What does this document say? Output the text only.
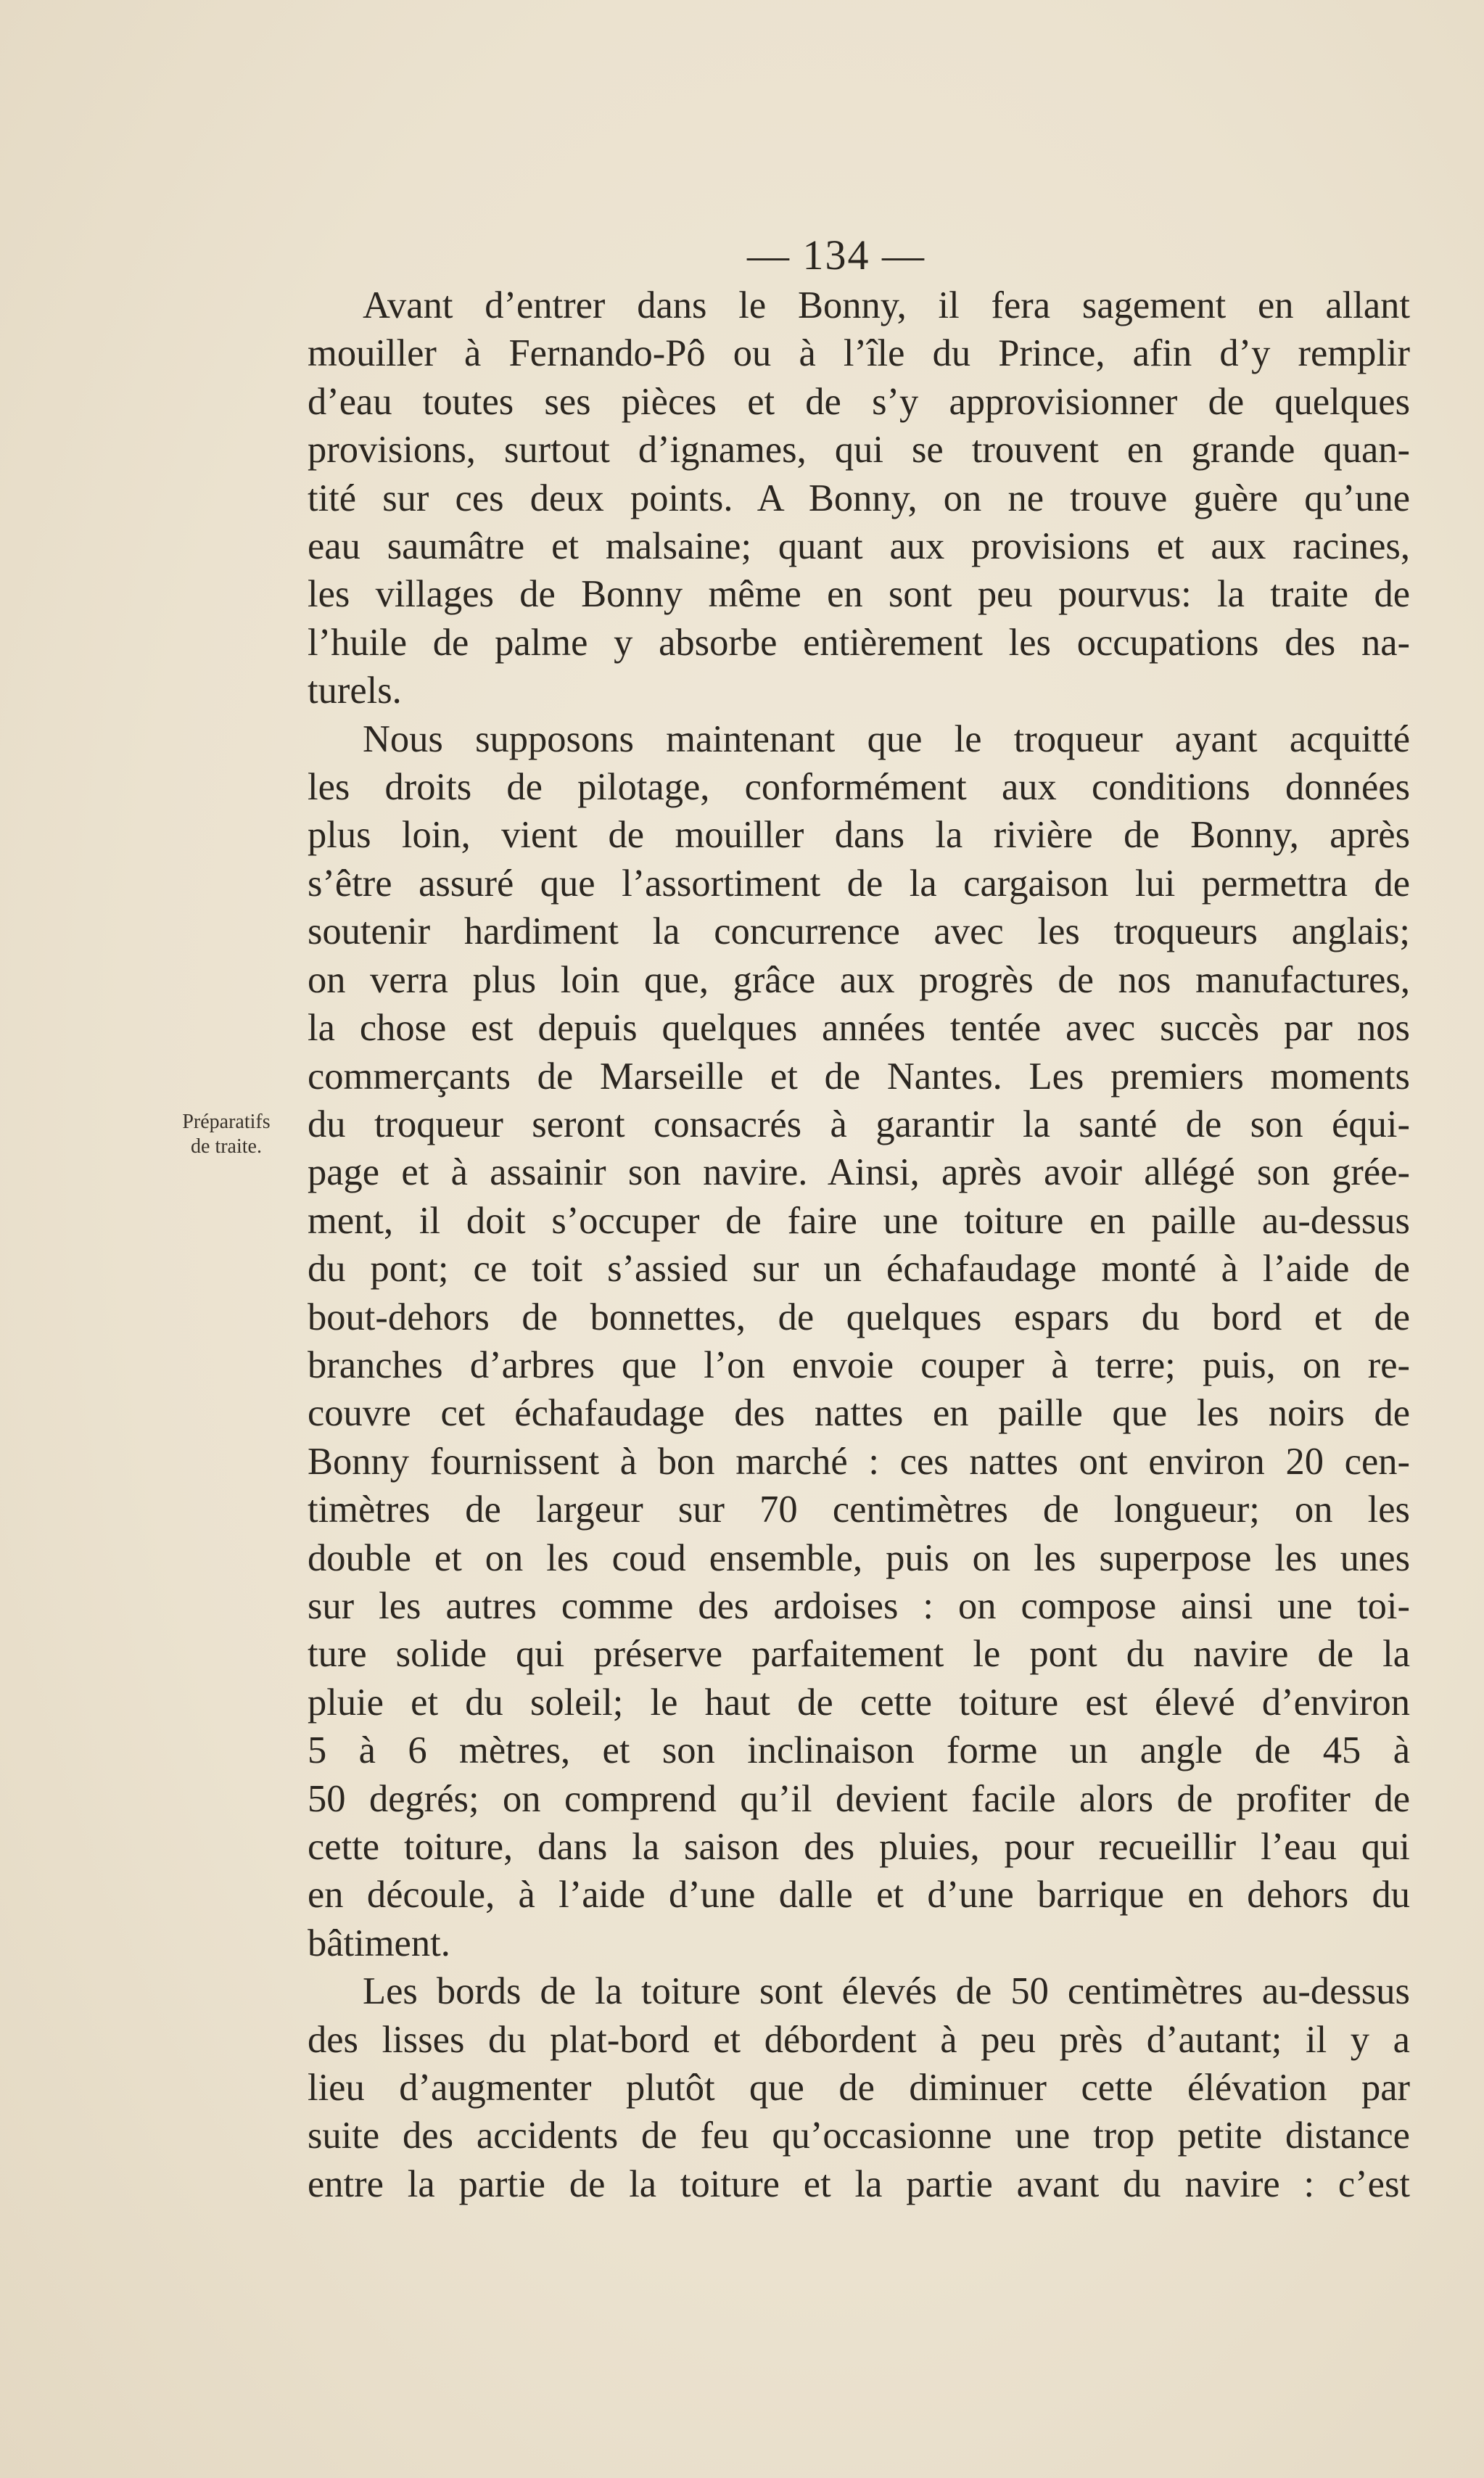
— 134 —
Préparatifs
de traite.
Avant d’entrer dans le Bonny, il fera sagement en allant
mouiller à Fernando-Pô ou à l’île du Prince, afin d’y remplir
d’eau toutes ses pièces et de s’y approvisionner de quelques
provisions, surtout d’ignames, qui se trouvent en grande quan-
tité sur ces deux points. A Bonny, on ne trouve guère qu’une
eau saumâtre et malsaine; quant aux provisions et aux racines,
les villages de Bonny même en sont peu pourvus: la traite de
l’huile de palme y absorbe entièrement les occupations des na-
turels.
Nous supposons maintenant que le troqueur ayant acquitté
les droits de pilotage, conformément aux conditions données
plus loin, vient de mouiller dans la rivière de Bonny, après
s’être assuré que l’assortiment de la cargaison lui permettra de
soutenir hardiment la concurrence avec les troqueurs anglais;
on verra plus loin que, grâce aux progrès de nos manufactures,
la chose est depuis quelques années tentée avec succès par nos
commerçants de Marseille et de Nantes. Les premiers moments
du troqueur seront consacrés à garantir la santé de son équi-
page et à assainir son navire. Ainsi, après avoir allégé son grée-
ment, il doit s’occuper de faire une toiture en paille au-dessus
du pont; ce toit s’assied sur un échafaudage monté à l’aide de
bout-dehors de bonnettes, de quelques espars du bord et de
branches d’arbres que l’on envoie couper à terre; puis, on re-
couvre cet échafaudage des nattes en paille que les noirs de
Bonny fournissent à bon marché : ces nattes ont environ 20 cen-
timètres de largeur sur 70 centimètres de longueur; on les
double et on les coud ensemble, puis on les superpose les unes
sur les autres comme des ardoises : on compose ainsi une toi-
ture solide qui préserve parfaitement le pont du navire de la
pluie et du soleil; le haut de cette toiture est élevé d’environ
5 à 6 mètres, et son inclinaison forme un angle de 45 à
50 degrés; on comprend qu’il devient facile alors de profiter de
cette toiture, dans la saison des pluies, pour recueillir l’eau qui
en découle, à l’aide d’une dalle et d’une barrique en dehors du
bâtiment.
Les bords de la toiture sont élevés de 50 centimètres au-dessus
des lisses du plat-bord et débordent à peu près d’autant; il y a
lieu d’augmenter plutôt que de diminuer cette élévation par
suite des accidents de feu qu’occasionne une trop petite distance
entre la partie de la toiture et la partie avant du navire : c’est
